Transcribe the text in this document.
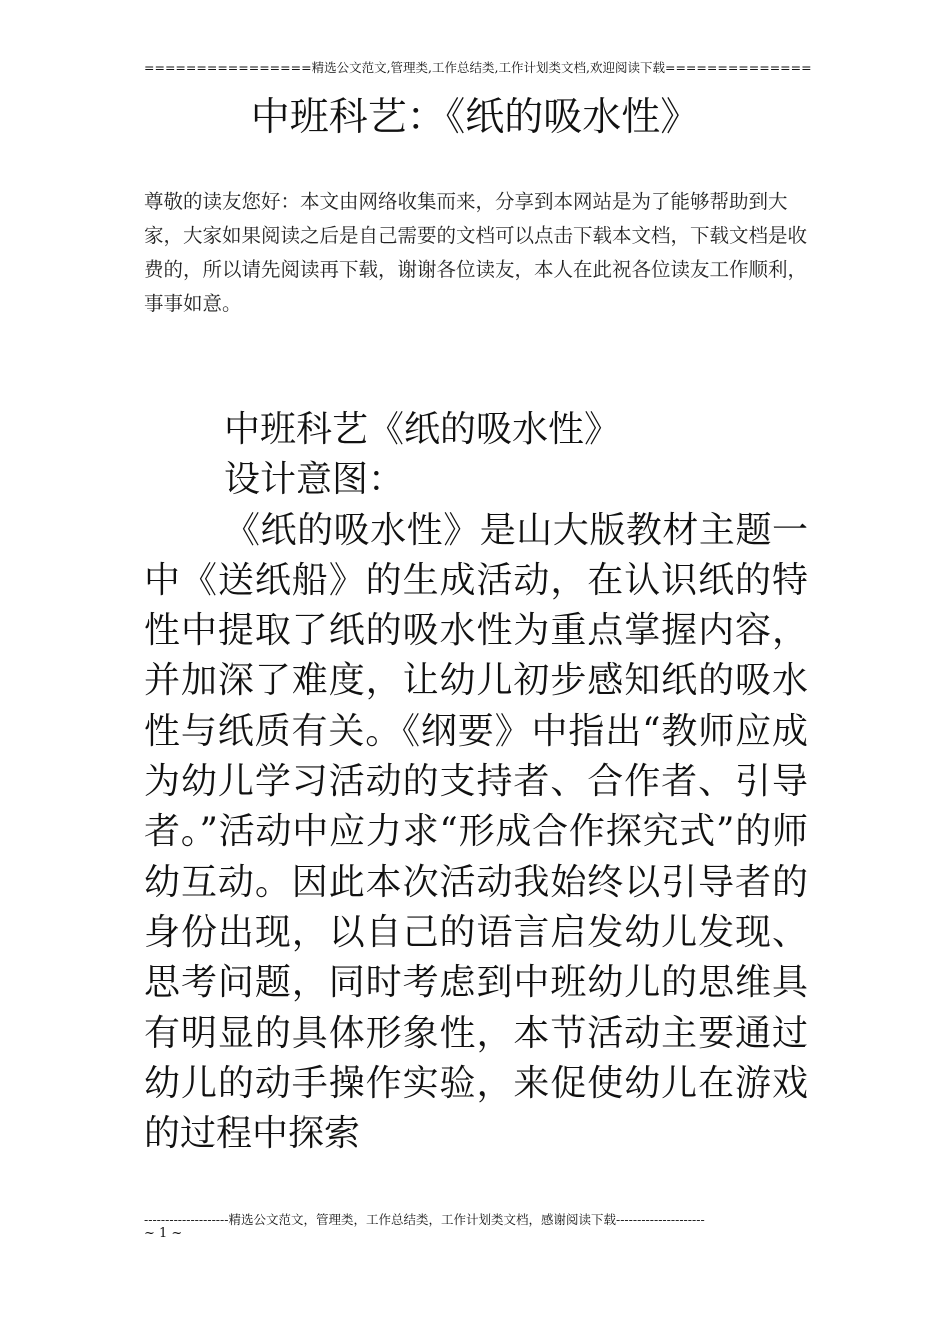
================精选公文范文,管理类,工作总结类,工作计划类文档,欢迎阅读下载==============
中班科艺：《纸的吸水性》
尊敬的读友您好：本文由网络收集而来，分享到本网站是为了能够帮助到大家，大家如果阅读之后是自己需要的文档可以点击下载本文档，下载文档是收费的，所以请先阅读再下载，谢谢各位读友，本人在此祝各位读友工作顺利，事事如意。

中班科艺《纸的吸水性》

设计意图：

《纸的吸水性》是山大版教材主题一中《送纸船》的生成活动，在认识纸的特性中提取了纸的吸水性为重点掌握内容，并加深了难度，让幼儿初步感知纸的吸水性与纸质有关。《纲要》中指出“教师应成为幼儿学习活动的支持者、合作者、引导者。”活动中应力求“形成合作探究式”的师幼互动。因此本次活动我始终以引导者的身份出现，以自己的语言启发幼儿发现、思考问题，同时考虑到中班幼儿的思维具有明显的具体形象性，本节活动主要通过幼儿的动手操作实验，来促使幼儿在游戏的过程中探索

--------------------精选公文范文，管理类，工作总结类，工作计划类文档，感谢阅读下载---------------------
~ 1 ~
